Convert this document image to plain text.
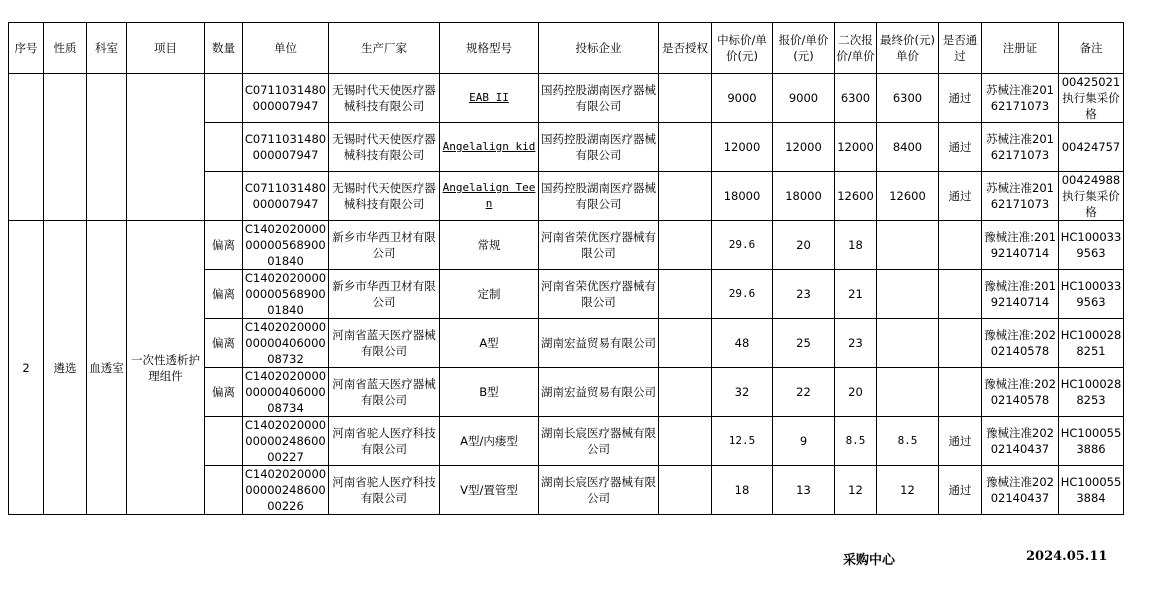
序号	性质	科室	项目	数量	单位	生产厂家	规格型号	投标企业	是否授权	中标价/单价(元)	报价/单价(元)	二次报价/单价	最终价(元)单价	是否通过	注册证	备注
					C0711031480000007947	无锡时代天使医疗器械科技有限公司	EAB II	国药控股湖南医疗器械有限公司		9000	9000	6300	6300	通过	苏械注准20162171073	00425021执行集采价格
					C0711031480000007947	无锡时代天使医疗器械科技有限公司	Angelalign kid	国药控股湖南医疗器械有限公司		12000	12000	12000	8400	通过	苏械注准20162171073	00424757
					C0711031480000007947	无锡时代天使医疗器械科技有限公司	Angelalign Teen	国药控股湖南医疗器械有限公司		18000	18000	12600	12600	通过	苏械注准20162171073	00424988执行集采价格
2	遴选	血透室	一次性透析护理组件	偏离	C14020200000000056890001840	新乡市华西卫材有限公司	常规	河南省荣优医疗器械有限公司		29.6	20	18			豫械注准:20192140714	HC1000339563
				偏离	C14020200000000056890001840	新乡市华西卫材有限公司	定制	河南省荣优医疗器械有限公司		29.6	23	21			豫械注准:20192140714	HC1000339563
				偏离	C14020200000000040600008732	河南省蓝天医疗器械有限公司	A型	湖南宏益贸易有限公司		48	25	23			豫械注准:20202140578	HC1000288251
				偏离	C14020200000000040600008734	河南省蓝天医疗器械有限公司	B型	湖南宏益贸易有限公司		32	22	20			豫械注准:20202140578	HC1000288253
					C14020200000000024860000227	河南省驼人医疗科技有限公司	A型/内瘘型	湖南长宸医疗器械有限公司		12.5	9	8.5	8.5	通过	豫械注准20202140437	HC1000553886
					C14020200000000024860000226	河南省驼人医疗科技有限公司	V型/置管型	湖南长宸医疗器械有限公司		18	13	12	12	通过	豫械注准20202140437	HC1000553884
采购中心	2024.05.11
